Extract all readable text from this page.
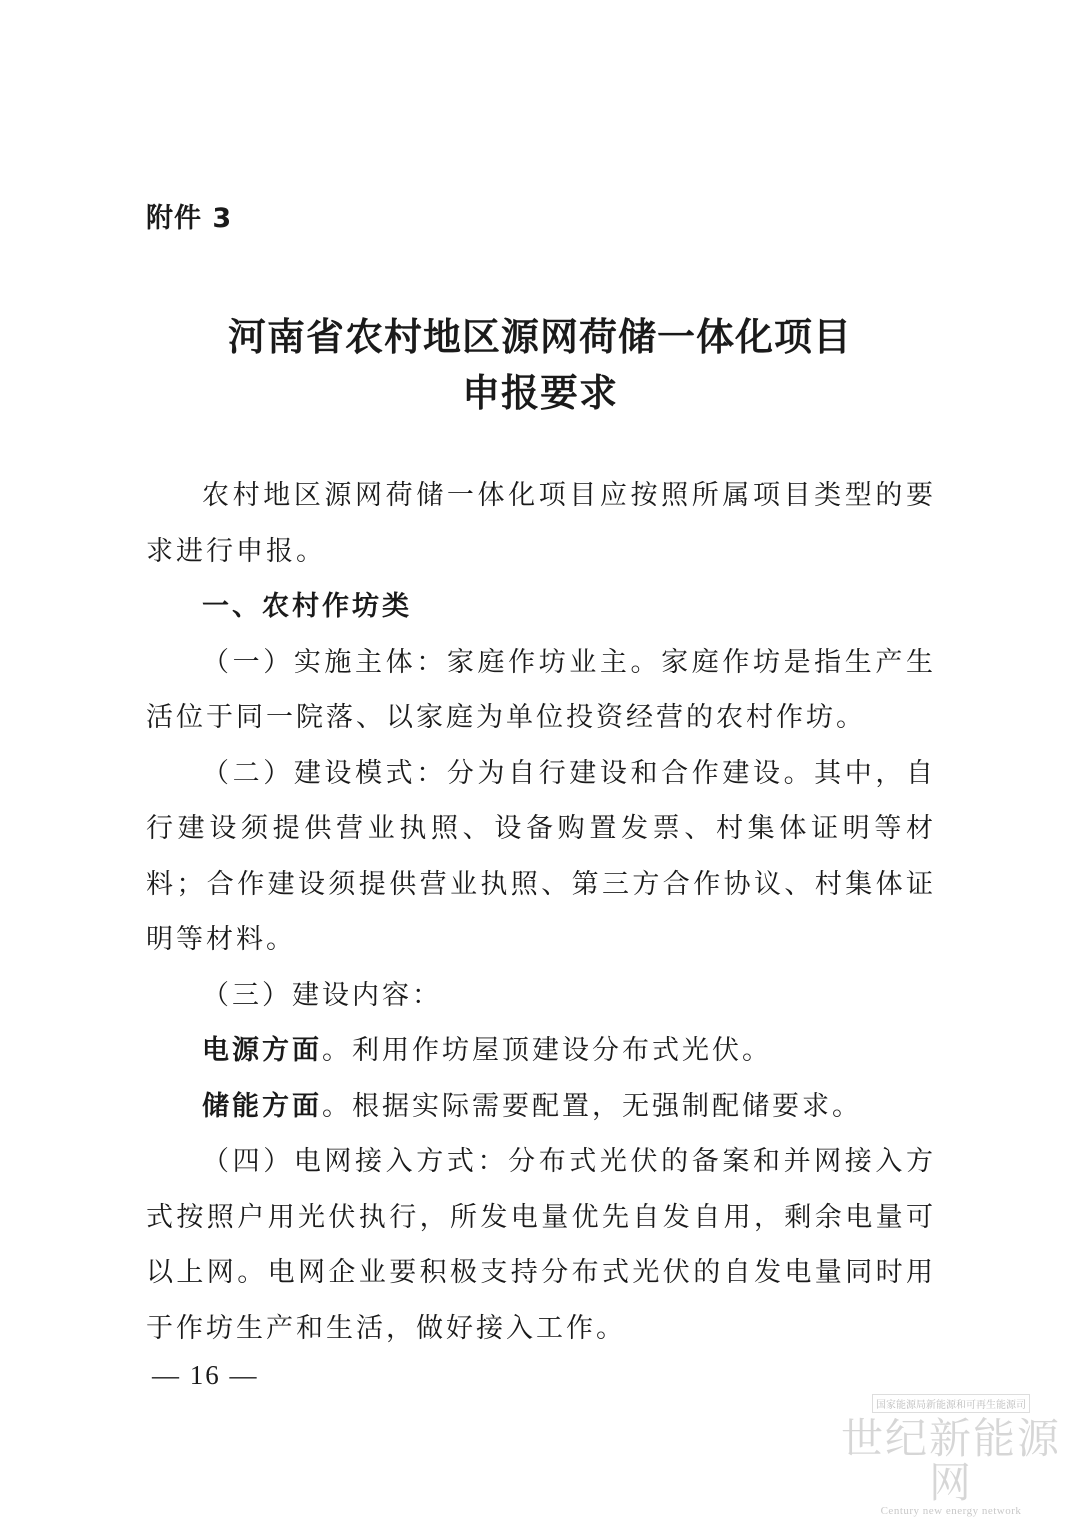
附件 3
河南省农村地区源网荷储一体化项目
申报要求

农村地区源网荷储一体化项目应按照所属项目类型的要求进行申报。

一、农村作坊类

（一）实施主体：家庭作坊业主。家庭作坊是指生产生活位于同一院落、以家庭为单位投资经营的农村作坊。

（二）建设模式：分为自行建设和合作建设。其中，自行建设须提供营业执照、设备购置发票、村集体证明等材料；合作建设须提供营业执照、第三方合作协议、村集体证明等材料。

（三）建设内容：

电源方面。利用作坊屋顶建设分布式光伏。

储能方面。根据实际需要配置，无强制配储要求。

（四）电网接入方式：分布式光伏的备案和并网接入方式按照户用光伏执行，所发电量优先自发自用，剩余电量可以上网。电网企业要积极支持分布式光伏的自发电量同时用于作坊生产和生活，做好接入工作。

— 16 —
国家能源局新能源和可再生能源司
世纪新能源网
Century new energy network
